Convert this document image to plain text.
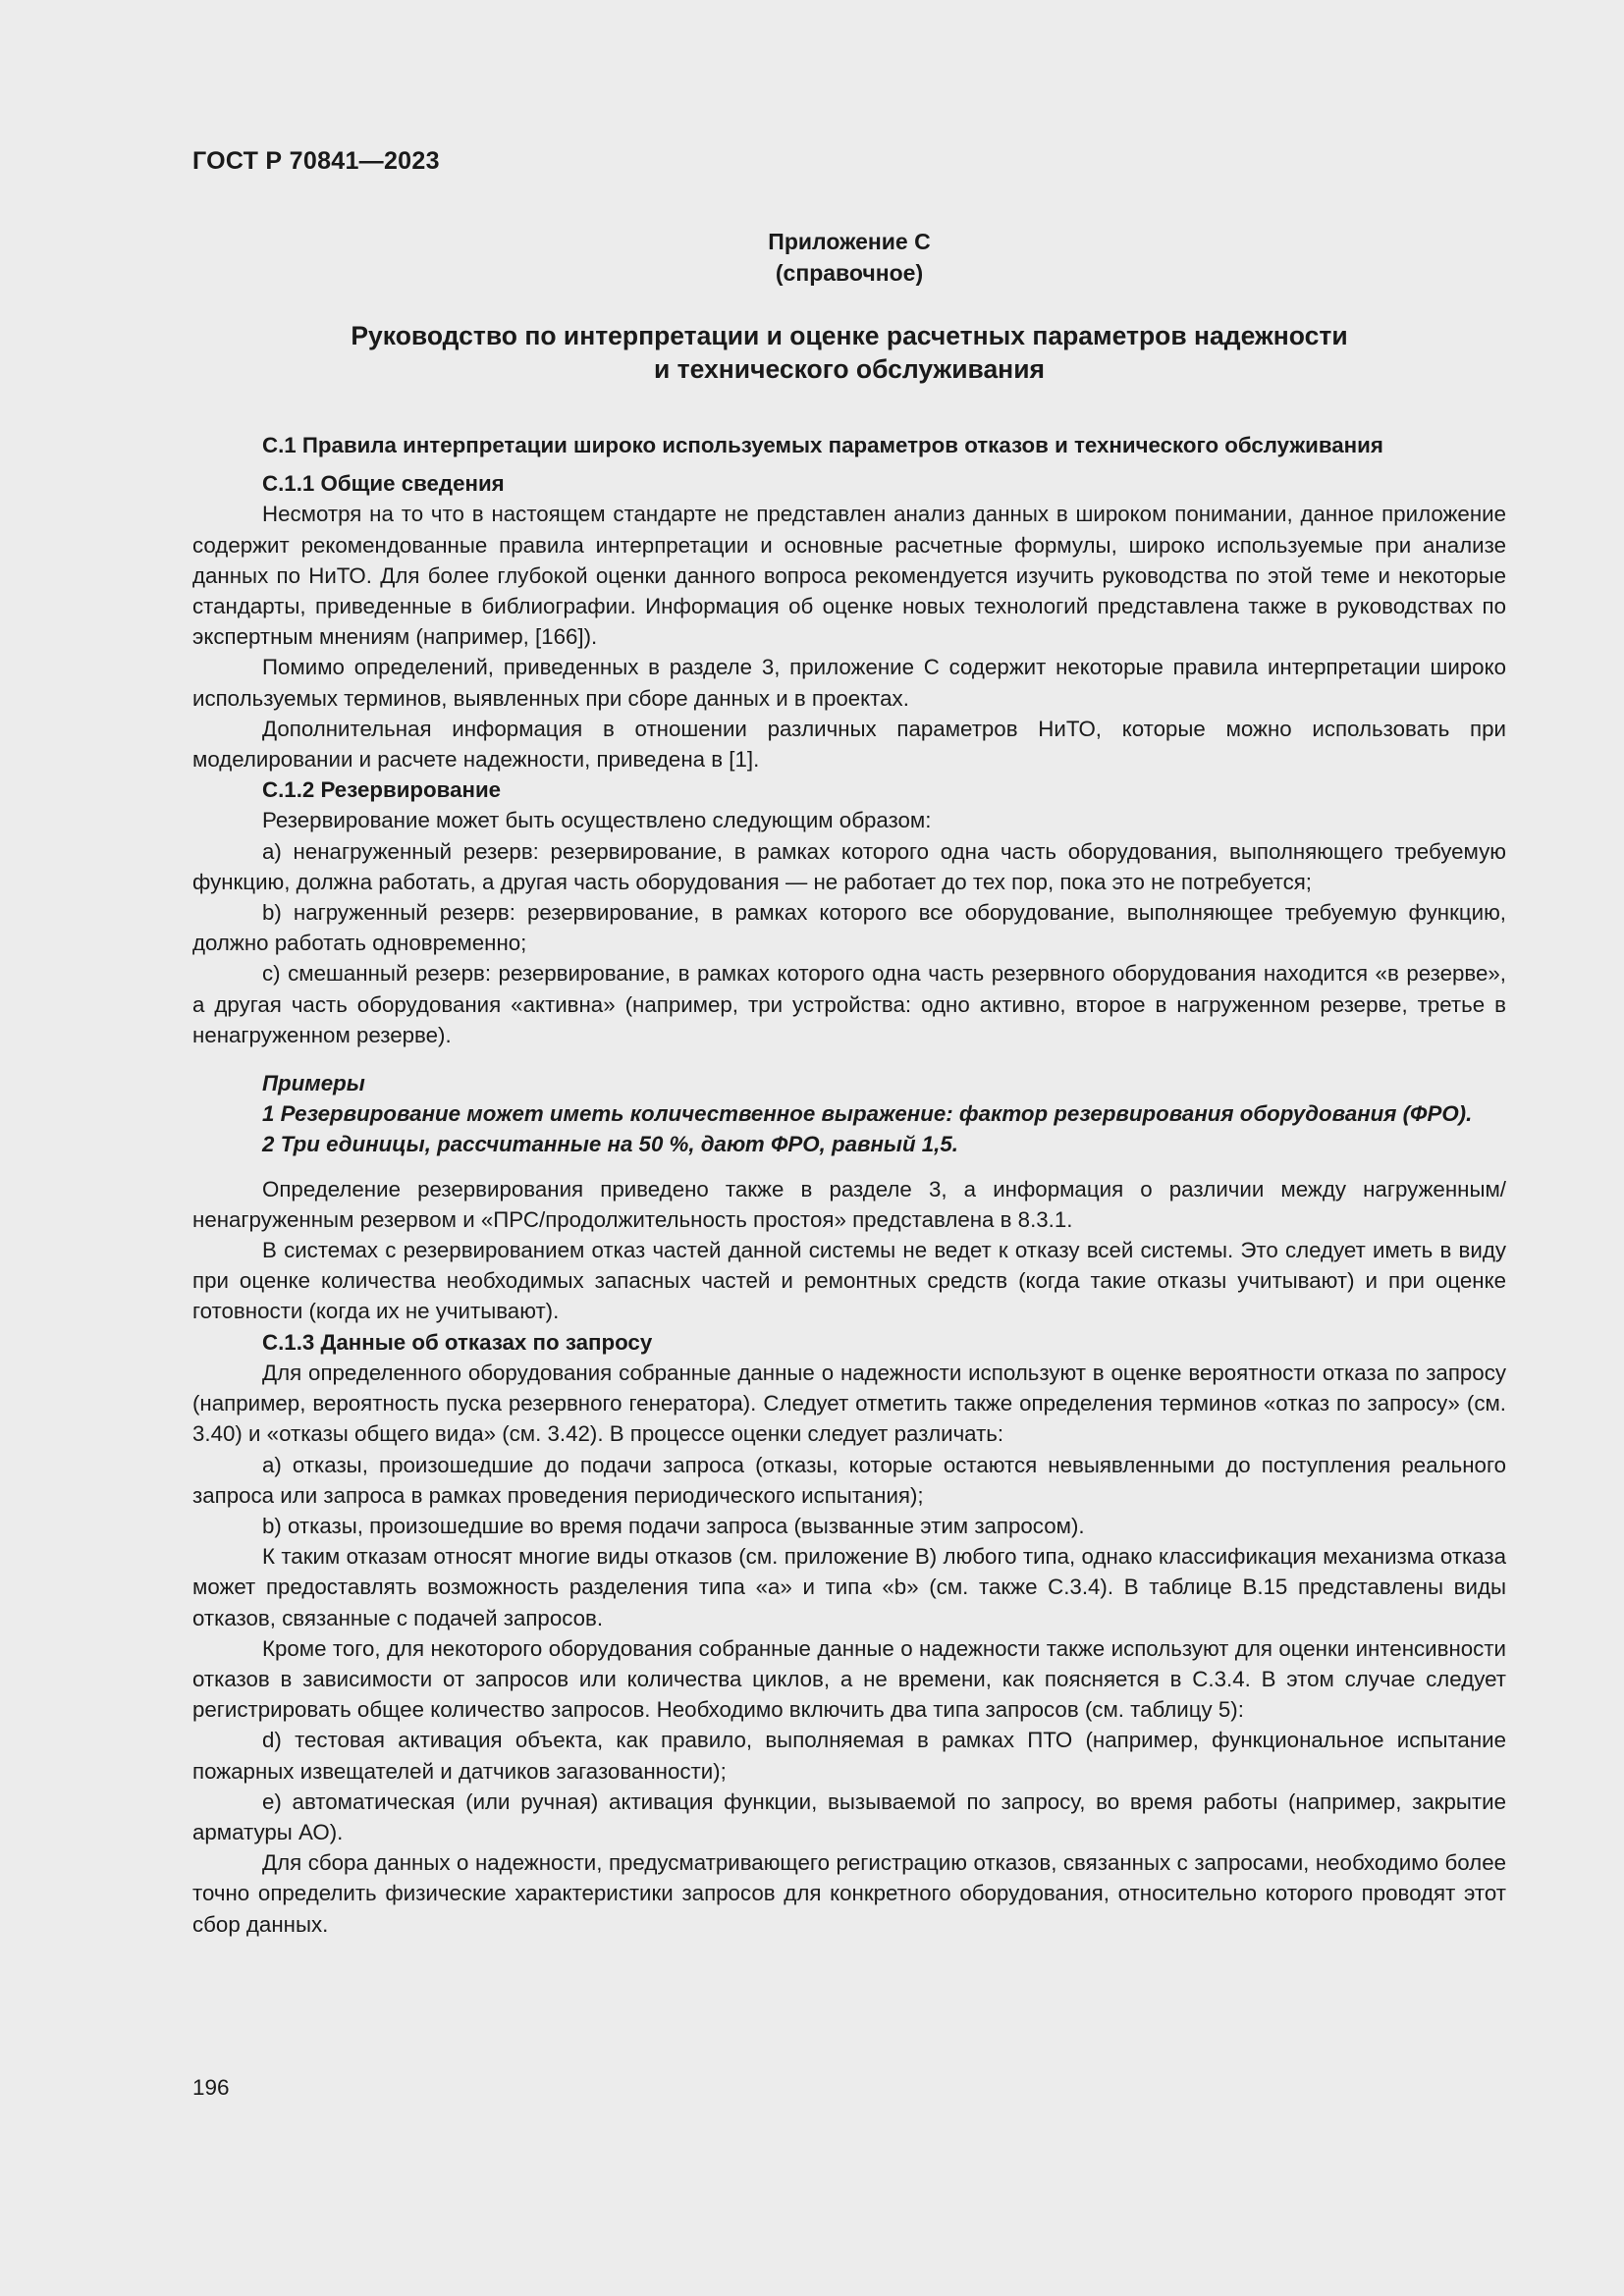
ГОСТ Р 70841—2023
Приложение С
(справочное)
Руководство по интерпретации и оценке расчетных параметров надежности
и технического обслуживания

С.1 Правила интерпретации широко используемых параметров отказов и технического обслуживания

С.1.1 Общие сведения

Несмотря на то что в настоящем стандарте не представлен анализ данных в широком понимании, данное приложение содержит рекомендованные правила интерпретации и основные расчетные формулы, широко используемые при анализе данных по НиТО. Для более глубокой оценки данного вопроса рекомендуется изучить руководства по этой теме и некоторые стандарты, приведенные в библиографии. Информация об оценке новых технологий представлена также в руководствах по экспертным мнениям (например, [166]).

Помимо определений, приведенных в разделе 3, приложение С содержит некоторые правила интерпретации широко используемых терминов, выявленных при сборе данных и в проектах.

Дополнительная информация в отношении различных параметров НиТО, которые можно использовать при моделировании и расчете надежности, приведена в [1].

С.1.2 Резервирование

Резервирование может быть осуществлено следующим образом:

а) ненагруженный резерв: резервирование, в рамках которого одна часть оборудования, выполняющего требуемую функцию, должна работать, а другая часть оборудования — не работает до тех пор, пока это не потребуется;

b) нагруженный резерв: резервирование, в рамках которого все оборудование, выполняющее требуемую функцию, должно работать одновременно;

с) смешанный резерв: резервирование, в рамках которого одна часть резервного оборудования находится «в резерве», а другая часть оборудования «активна» (например, три устройства: одно активно, второе в нагруженном резерве, третье в ненагруженном резерве).

Примеры

1 Резервирование может иметь количественное выражение: фактор резервирования оборудования (ФРО).

2 Три единицы, рассчитанные на 50 %, дают ФРО, равный 1,5.

Определение резервирования приведено также в разделе 3, а информация о различии между нагруженным/ненагруженным резервом и «ПРС/продолжительность простоя» представлена в 8.3.1.

В системах с резервированием отказ частей данной системы не ведет к отказу всей системы. Это следует иметь в виду при оценке количества необходимых запасных частей и ремонтных средств (когда такие отказы учитывают) и при оценке готовности (когда их не учитывают).

С.1.3 Данные об отказах по запросу

Для определенного оборудования собранные данные о надежности используют в оценке вероятности отказа по запросу (например, вероятность пуска резервного генератора). Следует отметить также определения терминов «отказ по запросу» (см. 3.40) и «отказы общего вида» (см. 3.42). В процессе оценки следует различать:

а) отказы, произошедшие до подачи запроса (отказы, которые остаются невыявленными до поступления реального запроса или запроса в рамках проведения периодического испытания);

b) отказы, произошедшие во время подачи запроса (вызванные этим запросом).

К таким отказам относят многие виды отказов (см. приложение В) любого типа, однако классификация механизма отказа может предоставлять возможность разделения типа «а» и типа «b» (см. также С.3.4). В таблице В.15 представлены виды отказов, связанные с подачей запросов.

Кроме того, для некоторого оборудования собранные данные о надежности также используют для оценки интенсивности отказов в зависимости от запросов или количества циклов, а не времени, как поясняется в С.3.4. В этом случае следует регистрировать общее количество запросов. Необходимо включить два типа запросов (см. таблицу 5):

d) тестовая активация объекта, как правило, выполняемая в рамках ПТО (например, функциональное испытание пожарных извещателей и датчиков загазованности);

е) автоматическая (или ручная) активация функции, вызываемой по запросу, во время работы (например, закрытие арматуры АО).

Для сбора данных о надежности, предусматривающего регистрацию отказов, связанных с запросами, необходимо более точно определить физические характеристики запросов для конкретного оборудования, относительно которого проводят этот сбор данных.

196
